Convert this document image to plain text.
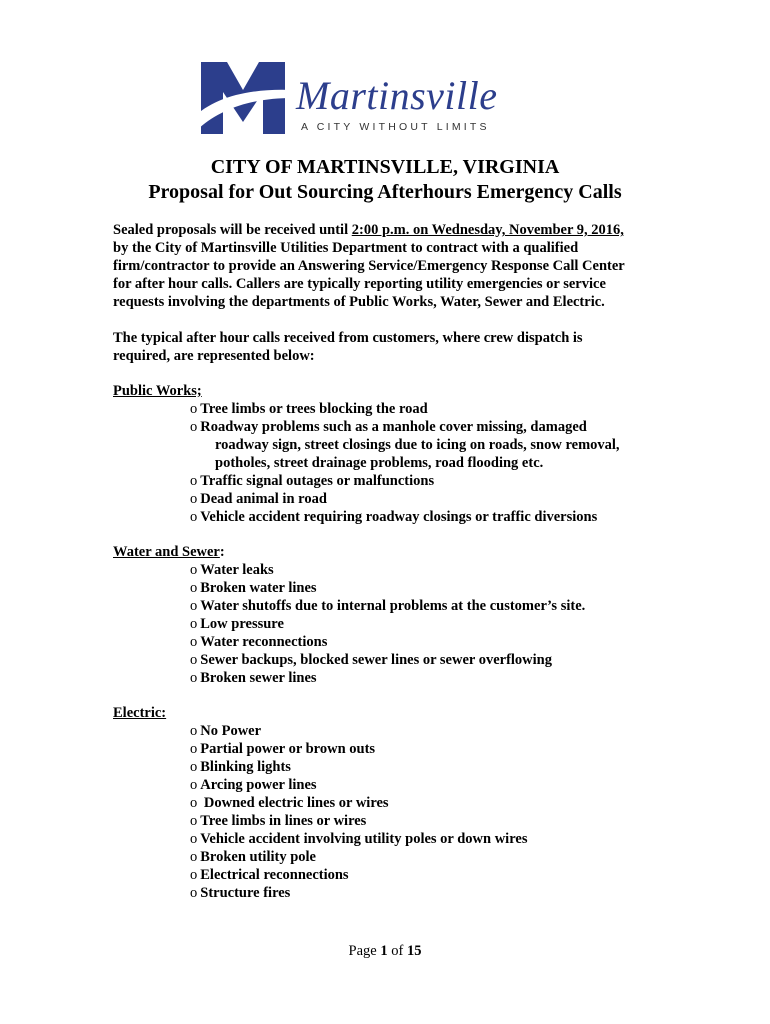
Martinsville
A CITY WITHOUT LIMITS
CITY OF MARTINSVILLE, VIRGINIA
Proposal for Out Sourcing Afterhours Emergency Calls
Sealed proposals will be received until 2:00 p.m. on Wednesday, November 9, 2016,
by the City of Martinsville Utilities Department to contract with a qualified
firm/contractor to provide an Answering Service/Emergency Response Call Center
for after hour calls. Callers are typically reporting utility emergencies or service
requests involving the departments of Public Works, Water, Sewer and Electric.
The typical after hour calls received from customers, where crew dispatch is
required, are represented below:
Public Works;
o Tree limbs or trees blocking the road
o Roadway problems such as a manhole cover missing, damaged
roadway sign, street closings due to icing on roads, snow removal,
potholes, street drainage problems, road flooding etc.
o Traffic signal outages or malfunctions
o Dead animal in road
o Vehicle accident requiring roadway closings or traffic diversions
Water and Sewer:
o Water leaks
o Broken water lines
o Water shutoffs due to internal problems at the customer’s site.
o Low pressure
o Water reconnections
o Sewer backups, blocked sewer lines or sewer overflowing
o Broken sewer lines
Electric:
o No Power
o Partial power or brown outs
o Blinking lights
o Arcing power lines
o Downed electric lines or wires
o Tree limbs in lines or wires
o Vehicle accident involving utility poles or down wires
o Broken utility pole
o Electrical reconnections
o Structure fires
Page 1 of 15
